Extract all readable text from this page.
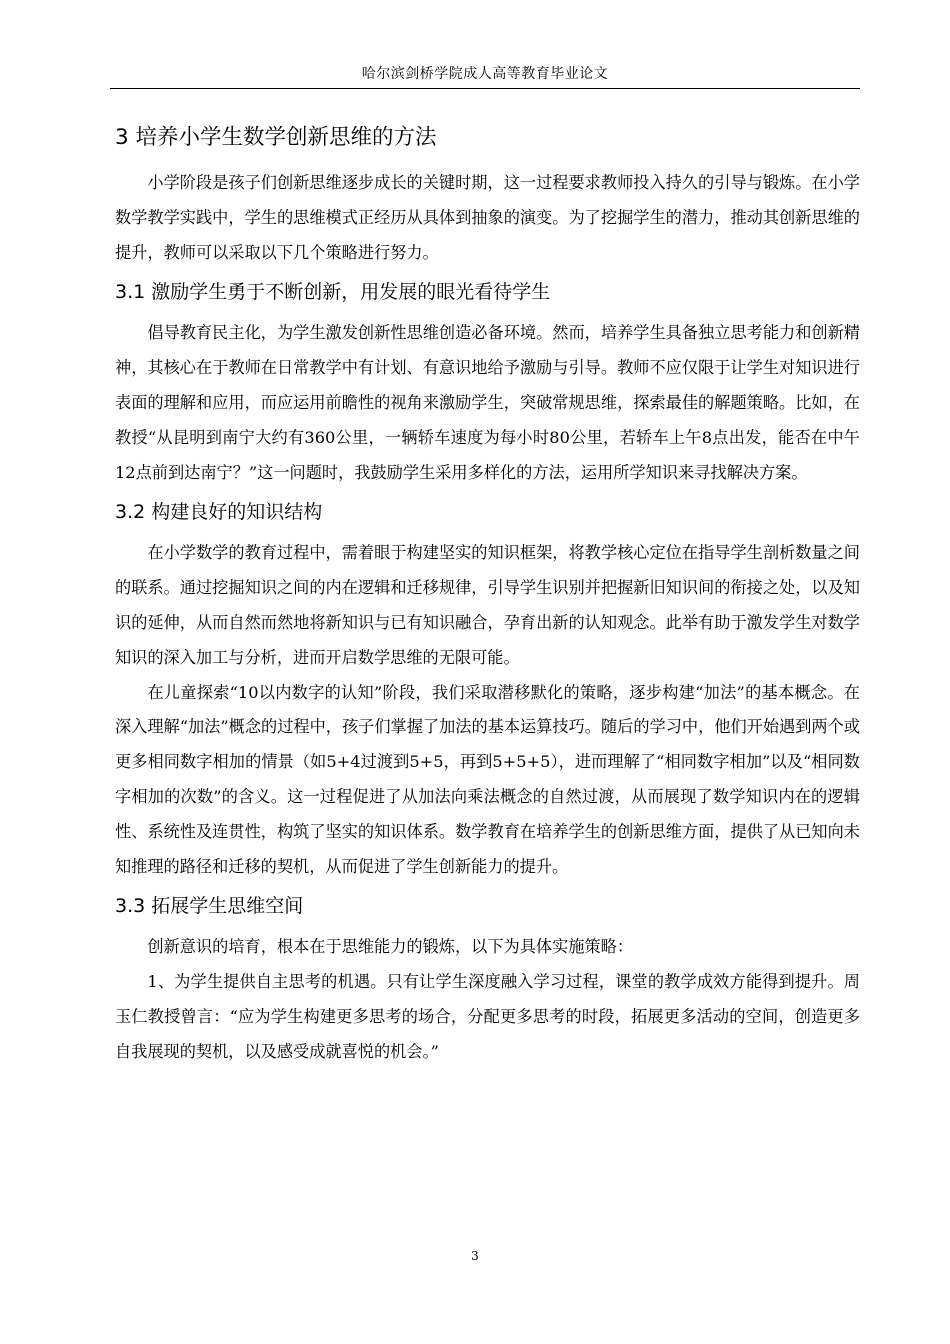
哈尔滨剑桥学院成人高等教育毕业论文
3 培养小学生数学创新思维的方法

小学阶段是孩子们创新思维逐步成长的关键时期，这一过程要求教师投入持久的引导与锻炼。在小学数学教学实践中，学生的思维模式正经历从具体到抽象的演变。为了挖掘学生的潜力，推动其创新思维的提升，教师可以采取以下几个策略进行努力。

3.1 激励学生勇于不断创新，用发展的眼光看待学生

倡导教育民主化，为学生激发创新性思维创造必备环境。然而，培养学生具备独立思考能力和创新精神，其核心在于教师在日常教学中有计划、有意识地给予激励与引导。教师不应仅限于让学生对知识进行表面的理解和应用，而应运用前瞻性的视角来激励学生，突破常规思维，探索最佳的解题策略。比如，在教授“从昆明到南宁大约有360公里，一辆轿车速度为每小时80公里，若轿车上午8点出发，能否在中午12点前到达南宁？”这一问题时，我鼓励学生采用多样化的方法，运用所学知识来寻找解决方案。

3.2 构建良好的知识结构

在小学数学的教育过程中，需着眼于构建坚实的知识框架，将教学核心定位在指导学生剖析数量之间的联系。通过挖掘知识之间的内在逻辑和迁移规律，引导学生识别并把握新旧知识间的衔接之处，以及知识的延伸，从而自然而然地将新知识与已有知识融合，孕育出新的认知观念。此举有助于激发学生对数学知识的深入加工与分析，进而开启数学思维的无限可能。

在儿童探索“10以内数字的认知”阶段，我们采取潜移默化的策略，逐步构建“加法”的基本概念。在深入理解“加法”概念的过程中，孩子们掌握了加法的基本运算技巧。随后的学习中，他们开始遇到两个或更多相同数字相加的情景（如5+4过渡到5+5，再到5+5+5），进而理解了“相同数字相加”以及“相同数字相加的次数”的含义。这一过程促进了从加法向乘法概念的自然过渡，从而展现了数学知识内在的逻辑性、系统性及连贯性，构筑了坚实的知识体系。数学教育在培养学生的创新思维方面，提供了从已知向未知推理的路径和迁移的契机，从而促进了学生创新能力的提升。

3.3 拓展学生思维空间

创新意识的培育，根本在于思维能力的锻炼，以下为具体实施策略：

1、为学生提供自主思考的机遇。只有让学生深度融入学习过程，课堂的教学成效方能得到提升。周玉仁教授曾言：“应为学生构建更多思考的场合，分配更多思考的时段，拓展更多活动的空间，创造更多自我展现的契机，以及感受成就喜悦的机会。”

3
